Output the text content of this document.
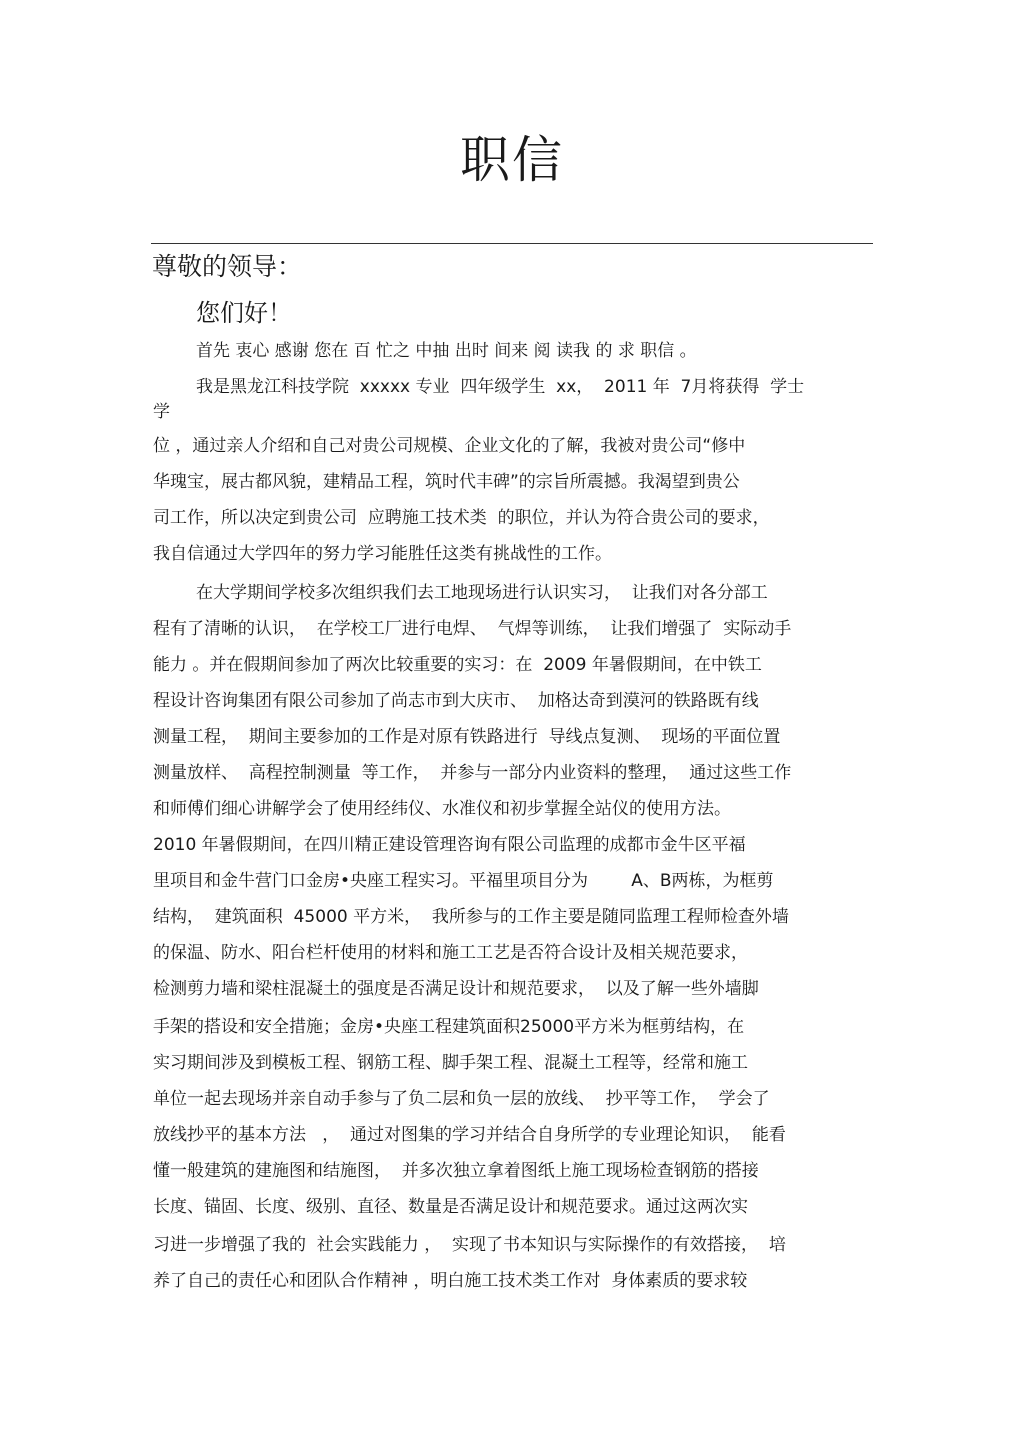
职信
尊敬的领导：
您们好！
首先 衷心 感谢 您在 百 忙之 中抽 出时 间来 阅 读我 的 求 职信 。
我是黑龙江科技学院  xxxxx 专业  四年级学生  xx，  2011 年  7月将获得  学士
学
位 ，通过亲人介绍和自己对贵公司规模、企业文化的了解，我被对贵公司“修中
华瑰宝，展古都风貌，建精品工程，筑时代丰碑”的宗旨所震撼。我渴望到贵公
司工作，所以决定到贵公司  应聘施工技术类  的职位，并认为符合贵公司的要求，
我自信通过大学四年的努力学习能胜任这类有挑战性的工作。
在大学期间学校多次组织我们去工地现场进行认识实习，  让我们对各分部工
程有了清晰的认识，  在学校工厂进行电焊、  气焊等训练，  让我们增强了  实际动手
能力 。并在假期间参加了两次比较重要的实习：在  2009 年暑假期间，在中铁工
程设计咨询集团有限公司参加了尚志市到大庆市、  加格达奇到漠河的铁路既有线
测量工程，  期间主要参加的工作是对原有铁路进行  导线点复测、  现场的平面位置
测量放样、  高程控制测量  等工作，  并参与一部分内业资料的整理，  通过这些工作
和师傅们细心讲解学会了使用经纬仪、水准仪和初步掌握全站仪的使用方法。
2010 年暑假期间，在四川精正建设管理咨询有限公司监理的成都市金牛区平福
里项目和金牛营门口金房•央座工程实习。平福里项目分为        A、B两栋，为框剪
结构，  建筑面积  45000 平方米，  我所参与的工作主要是随同监理工程师检查外墙
的保温、防水、阳台栏杆使用的材料和施工工艺是否符合设计及相关规范要求，
检测剪力墙和梁柱混凝土的强度是否满足设计和规范要求，  以及了解一些外墙脚
手架的搭设和安全措施；金房•央座工程建筑面积25000平方米为框剪结构，在
实习期间涉及到模板工程、钢筋工程、脚手架工程、混凝土工程等，经常和施工
单位一起去现场并亲自动手参与了负二层和负一层的放线、  抄平等工作，  学会了
放线抄平的基本方法   ，  通过对图集的学习并结合自身所学的专业理论知识，  能看
懂一般建筑的建施图和结施图，  并多次独立拿着图纸上施工现场检查钢筋的搭接
长度、锚固、长度、级别、直径、数量是否满足设计和规范要求。通过这两次实
习进一步增强了我的  社会实践能力 ，  实现了书本知识与实际操作的有效搭接，  培
养了自己的责任心和团队合作精神 ，明白施工技术类工作对  身体素质的要求较
